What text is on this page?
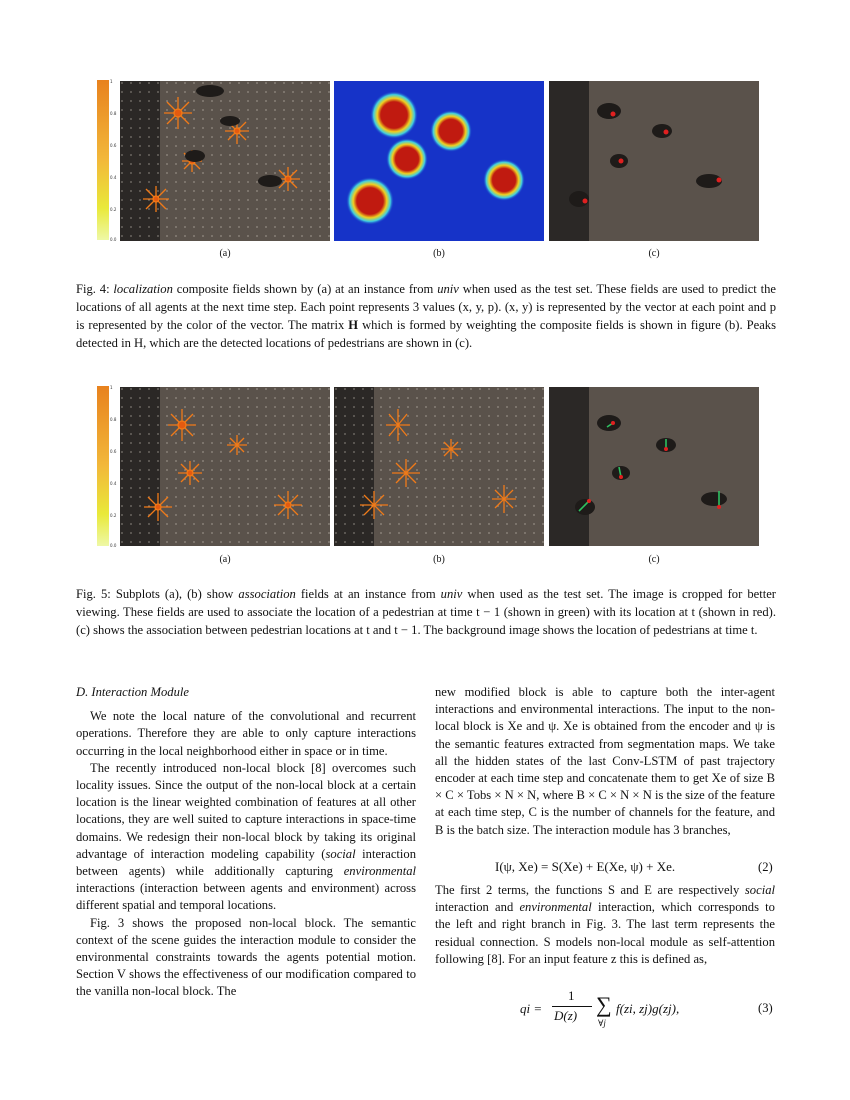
1
0.8
0.6
0.4
0.2
0.0
(a)	(b)	(c)
Fig. 4: localization composite fields shown by (a) at an instance from univ when used as the test set. These fields are used to predict the locations of all agents at the next time step. Each point represents 3 values (x, y, p). (x, y) is represented by the vector at each point and p is represented by the color of the vector. The matrix H which is formed by weighting the composite fields is shown in figure (b). Peaks detected in H, which are the detected locations of pedestrians are shown in (c).
1
0.8
0.6
0.4
0.2
0.0
(a)	(b)	(c)
Fig. 5: Subplots (a), (b) show association fields at an instance from univ when used as the test set. The image is cropped for better viewing. These fields are used to associate the location of a pedestrian at time t − 1 (shown in green) with its location at t (shown in red). (c) shows the association between pedestrian locations at t and t − 1. The background image shows the location of pedestrians at time t.

D. Interaction Module

We note the local nature of the convolutional and recurrent operations. Therefore they are able to only capture interactions occurring in the local neighborhood either in space or in time.

The recently introduced non-local block [8] overcomes such locality issues. Since the output of the non-local block at a certain location is the linear weighted combination of features at all other locations, they are well suited to capture interactions in space-time domains. We redesign their non-local block by taking its original advantage of interaction modeling capability (social interaction between agents) while additionally capturing environmental interactions (interaction between agents and environment) across different spatial and temporal locations.

Fig. 3 shows the proposed non-local block. The semantic context of the scene guides the interaction module to consider the environmental constraints towards the agents potential motion. Section V shows the effectiveness of our modification compared to the vanilla non-local block. The

new modified block is able to capture both the inter-agent interactions and environmental interactions. The input to the non-local block is Xe and ψ. Xe is obtained from the encoder and ψ is the semantic features extracted from segmentation maps. We take all the hidden states of the last Conv-LSTM of past trajectory encoder at each time step and concatenate them to get Xe of size B × C × Tobs × N × N, where B × C × N × N is the size of the feature at each time step, C is the number of channels for the feature, and B is the batch size. The interaction module has 3 branches,

I(ψ, Xe) = S(Xe) + E(Xe, ψ) + Xe.	(2)

The first 2 terms, the functions S and E are respectively social interaction and environmental interaction, which corresponds to the left and right branch in Fig. 3. The last term represents the residual connection. S models non-local module as self-attention following [8]. For an input feature z this is defined as,

qi =
1
D(z) ∑
∀j
f(zi, zj)g(zj),	(3)
